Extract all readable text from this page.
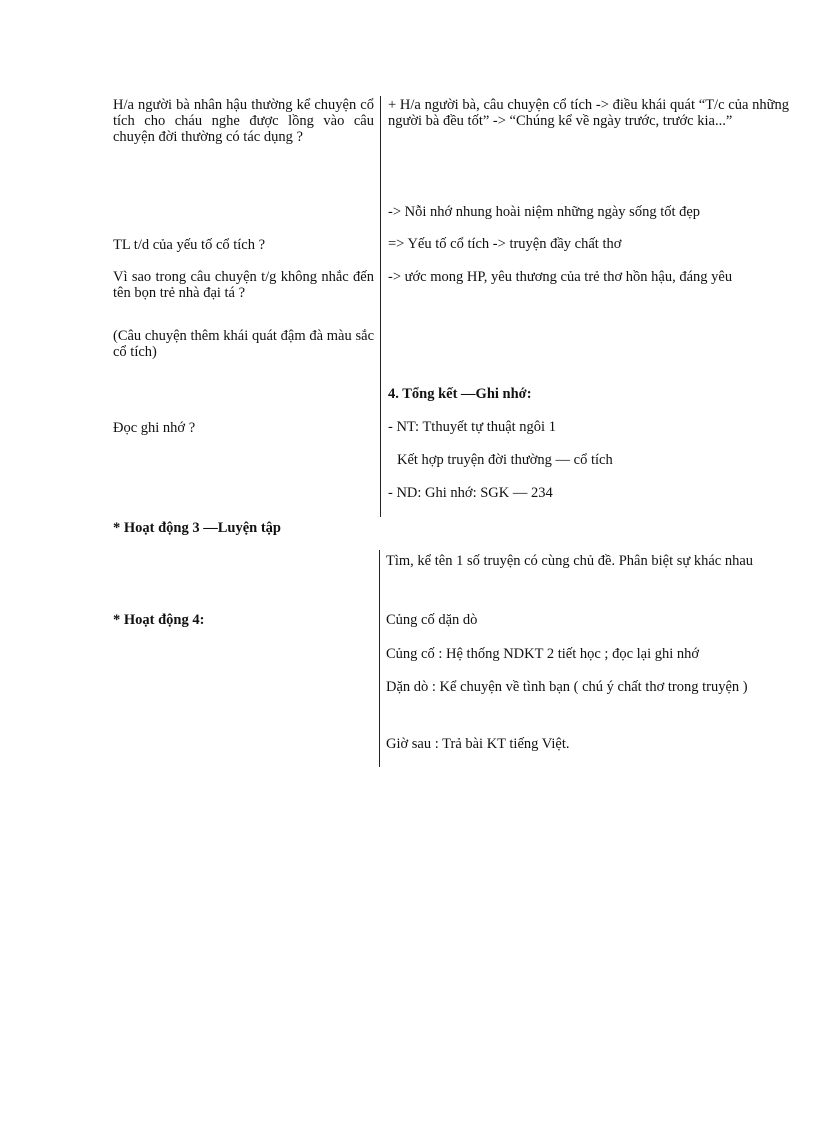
H/a người bà nhân hậu thường kể chuyện cổ tích cho cháu nghe được lồng vào câu chuyện đời thường có tác dụng ?

TL t/d của yếu tố cổ tích ?

Vì sao trong câu chuyện t/g không nhắc đến tên bọn trẻ nhà đại tá ?

(Câu chuyện thêm khái quát đậm đà màu sắc cổ tích)

Đọc ghi nhớ ?

+ H/a người bà, câu chuyện cổ tích -> điều khái quát “T/c của những người bà đều tốt” -> “Chúng kể về ngày trước, trước kia...”

-> Nỗi nhớ nhung hoài niệm những ngày sống tốt đẹp

=> Yếu tố cổ tích -> truyện đầy chất thơ

-> ước mong HP, yêu thương của trẻ thơ hồn hậu, đáng yêu

4. Tổng kết —Ghi nhớ:

- NT: Tthuyết tự thuật ngôi 1

Kết hợp truyện đời thường — cổ tích

- ND: Ghi nhớ: SGK — 234

* Hoạt động 3 —Luyện tập

Tìm, kể tên 1 số truyện có cùng chủ đề. Phân biệt sự khác nhau

* Hoạt động 4:	Củng cố dặn dò

Củng cố : Hệ thống NDKT 2 tiết học ; đọc lại ghi nhớ

Dặn dò : Kể chuyện về tình bạn ( chú ý chất thơ trong truyện )

Giờ sau : Trả bài KT tiếng Việt.
